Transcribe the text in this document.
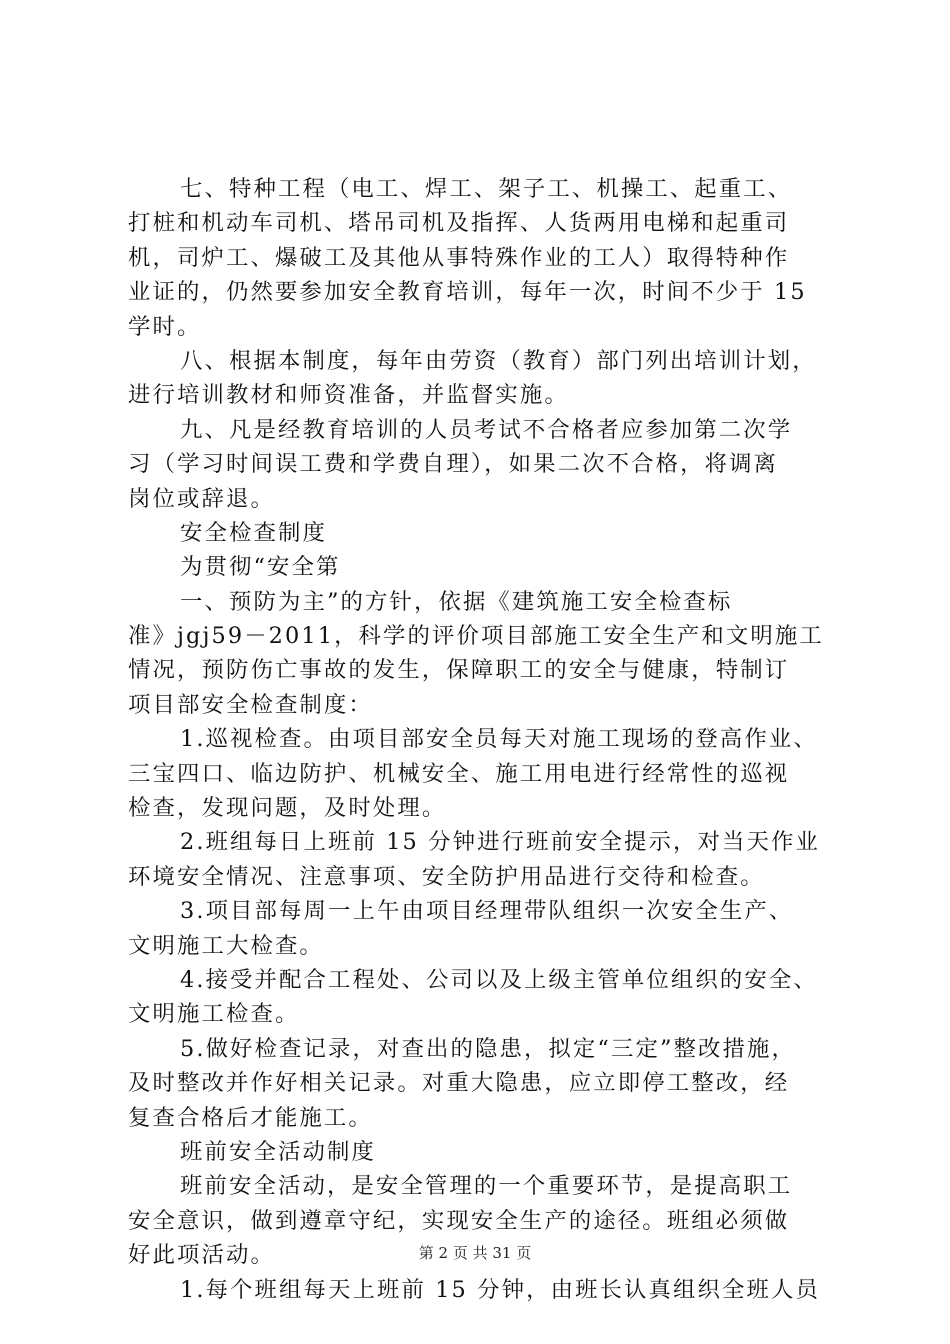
七、特种工程（电工、焊工、架子工、机操工、起重工、
打桩和机动车司机、塔吊司机及指挥、人货两用电梯和起重司
机，司炉工、爆破工及其他从事特殊作业的工人）取得特种作
业证的，仍然要参加安全教育培训，每年一次，时间不少于 15
学时。
八、根据本制度，每年由劳资（教育）部门列出培训计划，
进行培训教材和师资准备，并监督实施。
九、凡是经教育培训的人员考试不合格者应参加第二次学
习（学习时间误工费和学费自理），如果二次不合格，将调离
岗位或辞退。
安全检查制度
为贯彻“安全第
一、预防为主”的方针，依据《建筑施工安全检查标
准》jgj59－2011，科学的评价项目部施工安全生产和文明施工
情况，预防伤亡事故的发生，保障职工的安全与健康，特制订
项目部安全检查制度：
1.巡视检查。由项目部安全员每天对施工现场的登高作业、
三宝四口、临边防护、机械安全、施工用电进行经常性的巡视
检查，发现问题，及时处理。
2.班组每日上班前 15 分钟进行班前安全提示，对当天作业
环境安全情况、注意事项、安全防护用品进行交待和检查。
3.项目部每周一上午由项目经理带队组织一次安全生产、
文明施工大检查。
4.接受并配合工程处、公司以及上级主管单位组织的安全、
文明施工检查。
5.做好检查记录，对查出的隐患，拟定“三定”整改措施，
及时整改并作好相关记录。对重大隐患，应立即停工整改，经
复查合格后才能施工。
班前安全活动制度
班前安全活动，是安全管理的一个重要环节，是提高职工
安全意识，做到遵章守纪，实现安全生产的途径。班组必须做
好此项活动。
1.每个班组每天上班前 15 分钟，由班长认真组织全班人员
第 2 页 共 31 页
